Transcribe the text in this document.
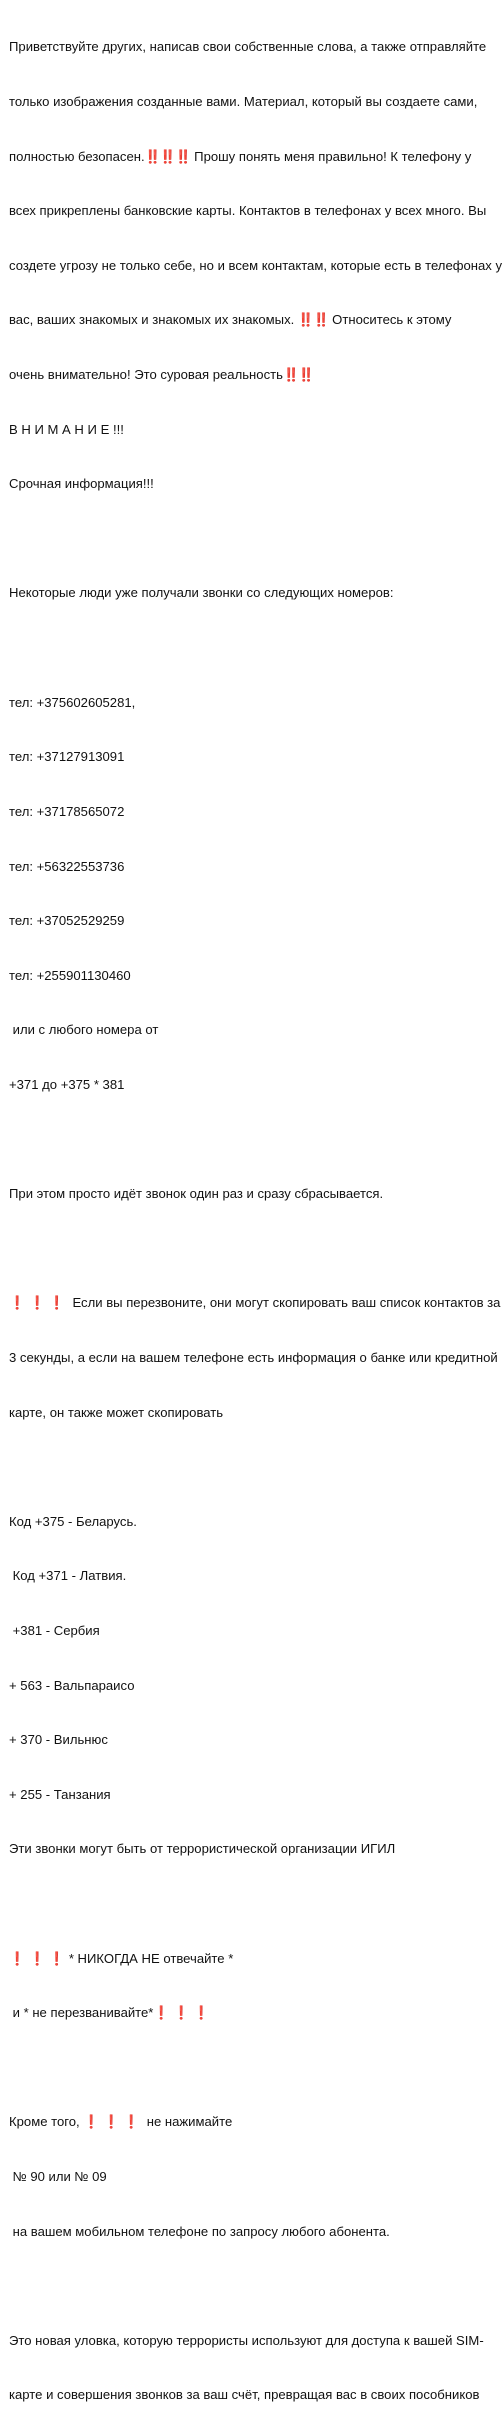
Приветствуйте других, написав свои собственные слова, а также отправляйте

только изображения созданные вами. Материал, который вы создаете сами,

полностью безопасен.‼️‼️‼️ Прошу понять меня правильно! К телефону у

всех прикреплены банковские карты. Контактов в телефонах у всех много. Вы

создете угрозу не только себе, но и всем контактам, которые есть в телефонах у

вас, ваших знакомых и знакомых их знакомых. ‼️‼️ Относитесь к этому

очень внимательно! Это суровая реальность‼️‼️

В Н И М А Н И Е !!!

Срочная информация!!!

Некоторые люди уже получали звонки со следующих номеров:

тел: +375602605281,

тел: +37127913091

тел: +37178565072

тел: +56322553736

тел: +37052529259

тел: +255901130460

или с любого номера от

+371 до +375 * 381

При этом просто идёт звонок один раз и сразу сбрасывается.

❗ ❗ ❗  Если вы перезвоните, они могут скопировать ваш список контактов за

3 секунды, а если на вашем телефоне есть информация о банке или кредитной

карте, он также может скопировать

Код +375 - Беларусь.

Код +371 - Латвия.

+381 - Сербия

+ 563 - Вальпараисо

+ 370 - Вильнюс

+ 255 - Танзания

Эти звонки могут быть от террористической организации ИГИЛ

❗ ❗ ❗ * НИКОГДА НЕ отвечайте *

и * не перезванивайте*❗ ❗ ❗

Кроме того, ❗ ❗ ❗  не нажимайте

№ 90 или № 09

на вашем мобильном телефоне по запросу любого абонента.

Это новая уловка, которую террористы используют для доступа к вашей SIM-

карте и совершения звонков за ваш счёт, превращая вас в своих пособников
